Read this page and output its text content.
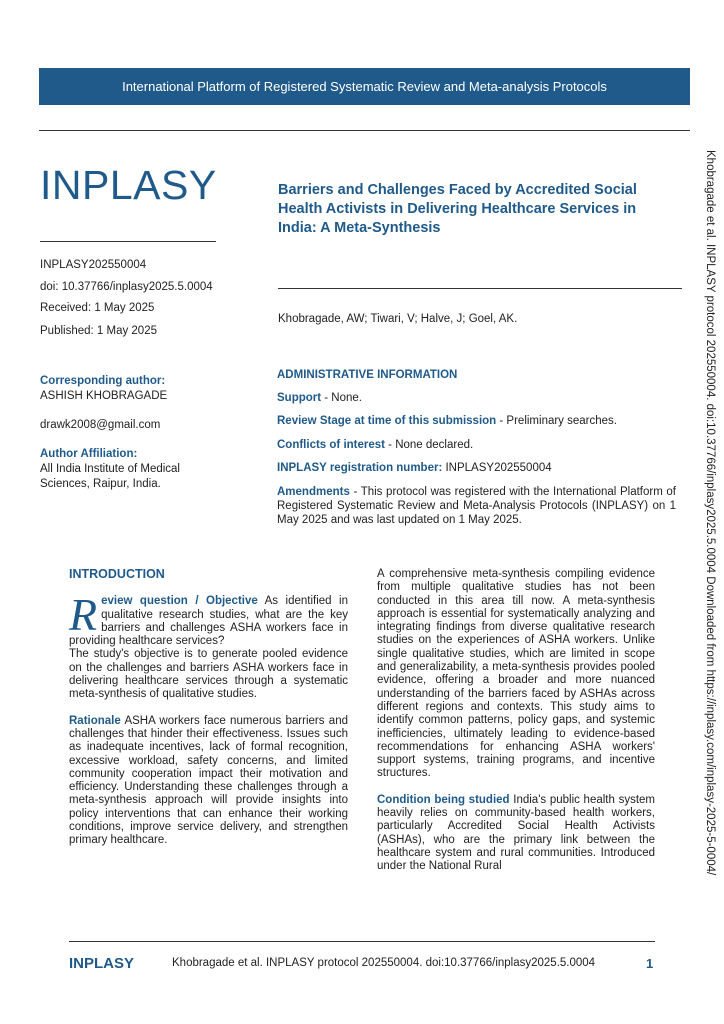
International Platform of Registered Systematic Review and Meta-analysis Protocols
INPLASY
INPLASY202550004
doi: 10.37766/inplasy2025.5.0004
Received: 1 May 2025
Published: 1 May 2025
Barriers and Challenges Faced by Accredited Social Health Activists in Delivering Healthcare Services in India: A Meta-Synthesis
Khobragade, AW; Tiwari, V; Halve, J; Goel, AK.
Corresponding author:
ASHISH KHOBRAGADE
drawk2008@gmail.com
Author Affiliation:
All India Institute of Medical Sciences, Raipur, India.
ADMINISTRATIVE INFORMATION
Support - None.
Review Stage at time of this submission - Preliminary searches.
Conflicts of interest - None declared.
INPLASY registration number: INPLASY202550004
Amendments - This protocol was registered with the International Platform of Registered Systematic Review and Meta-Analysis Protocols (INPLASY) on 1 May 2025 and was last updated on 1 May 2025.

INTRODUCTION

Review question / Objective As identified in qualitative research studies, what are the key barriers and challenges ASHA workers face in providing healthcare services?

The study's objective is to generate pooled evidence on the challenges and barriers ASHA workers face in delivering healthcare services through a systematic meta-synthesis of qualitative studies.

Rationale ASHA workers face numerous barriers and challenges that hinder their effectiveness. Issues such as inadequate incentives, lack of formal recognition, excessive workload, safety concerns, and limited community cooperation impact their motivation and efficiency. Understanding these challenges through a meta-synthesis approach will provide insights into policy interventions that can enhance their working conditions, improve service delivery, and strengthen primary healthcare.

A comprehensive meta-synthesis compiling evidence from multiple qualitative studies has not been conducted in this area till now. A meta-synthesis approach is essential for systematically analyzing and integrating findings from diverse qualitative research studies on the experiences of ASHA workers. Unlike single qualitative studies, which are limited in scope and generalizability, a meta-synthesis provides pooled evidence, offering a broader and more nuanced understanding of the barriers faced by ASHAs across different regions and contexts. This study aims to identify common patterns, policy gaps, and systemic inefficiencies, ultimately leading to evidence-based recommendations for enhancing ASHA workers' support systems, training programs, and incentive structures.

Condition being studied India's public health system heavily relies on community-based health workers, particularly Accredited Social Health Activists (ASHAs), who are the primary link between the healthcare system and rural communities. Introduced under the National Rural	Khobragade et al. INPLASY protocol 202550004. doi:10.37766/inplasy2025.5.0004 Downloaded from https://inplasy.com/inplasy-2025-5-0004/
INPLASY	Khobragade et al. INPLASY protocol 202550004. doi:10.37766/inplasy2025.5.0004	1
